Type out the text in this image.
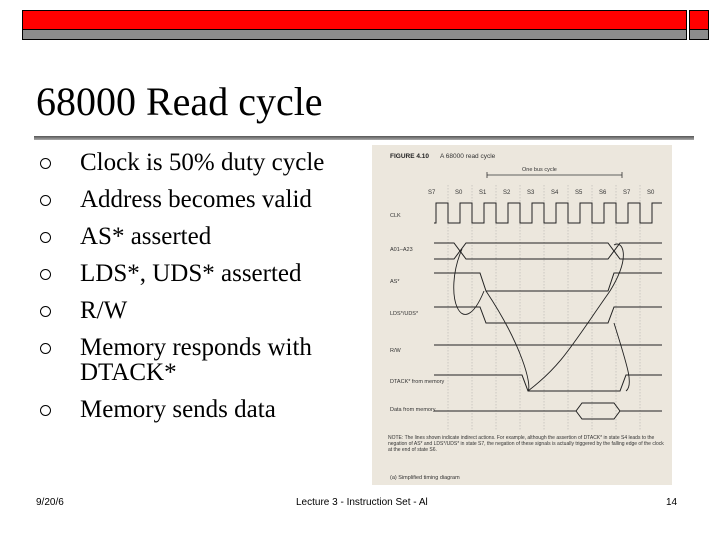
68000 Read cycle
Clock is 50% duty cycle
Address becomes valid
AS* asserted
LDS*, UDS* asserted
R/W
Memory responds with DTACK*
Memory sends data
FIGURE 4.10 A 68000 read cycle
One bus cycle
S7	S0	S1	S2	S3	S4	S5	S6	S7	S0
CLK
A01–A23
AS*
LDS*/UDS*
R/W
DTACK* from memory
Data from memory
NOTE: The lines shown indicate indirect actions. For example, although the assertion of DTACK* in state S4 leads to the negation of AS* and LDS*/UDS* in state S7, the negation of these signals is actually triggered by the falling edge of the clock at the end of state S6.
(a) Simplified timing diagram
9/20/6	Lecture 3 - Instruction Set - Al	14
